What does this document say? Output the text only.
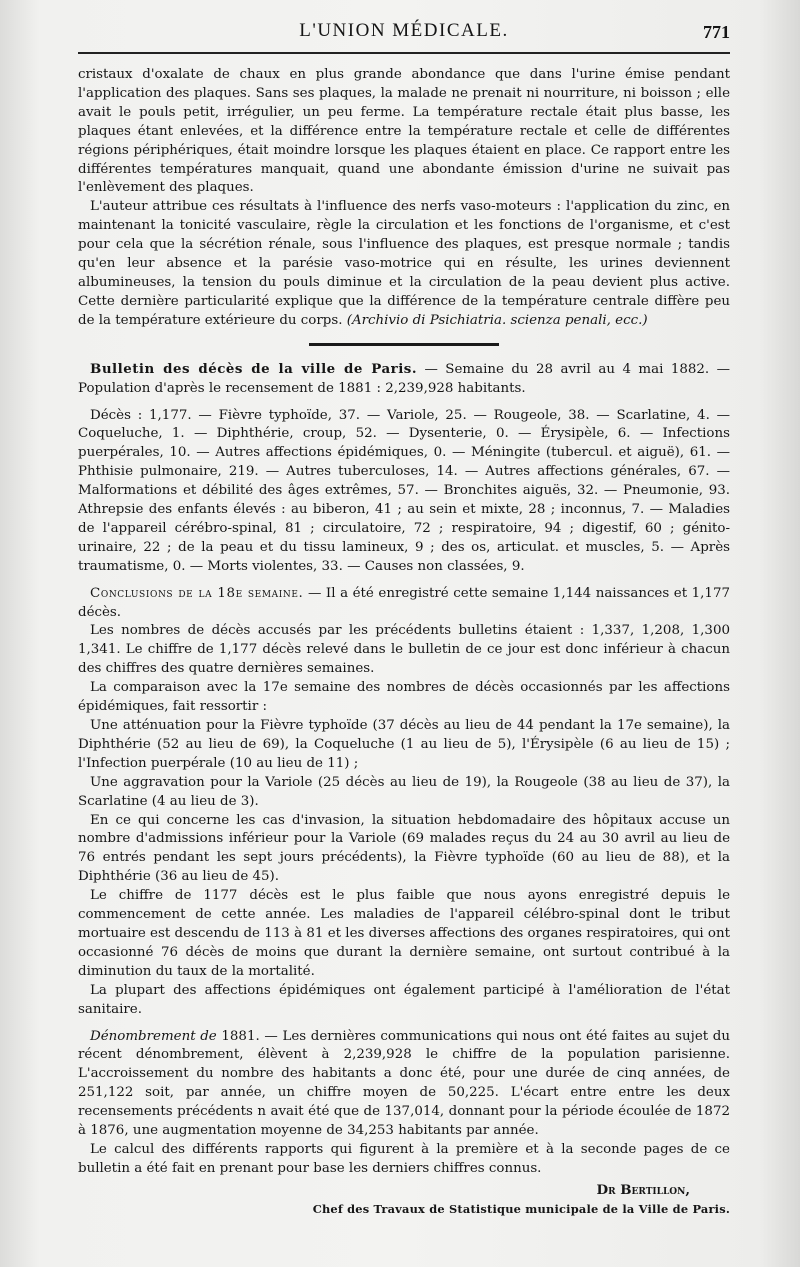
L'UNION MÉDICALE.	771

cristaux d'oxalate de chaux en plus grande abondance que dans l'urine émise pendant l'application des plaques. Sans ses plaques, la malade ne prenait ni nourriture, ni boisson ; elle avait le pouls petit, irrégulier, un peu ferme. La température rectale était plus basse, les plaques étant enlevées, et la différence entre la température rectale et celle de différentes régions périphériques, était moindre lorsque les plaques étaient en place. Ce rapport entre les différentes températures manquait, quand une abondante émission d'urine ne suivait pas l'enlèvement des plaques.

L'auteur attribue ces résultats à l'influence des nerfs vaso-moteurs : l'application du zinc, en maintenant la tonicité vasculaire, règle la circulation et les fonctions de l'organisme, et c'est pour cela que la sécrétion rénale, sous l'influence des plaques, est presque normale ; tandis qu'en leur absence et la parésie vaso-motrice qui en résulte, les urines deviennent albumineuses, la tension du pouls diminue et la circulation de la peau devient plus active. Cette dernière particularité explique que la différence de la température centrale diffère peu de la température extérieure du corps. (Archivio di Psichiatria. scienza penali, ecc.)

Bulletin des décès de la ville de Paris. — Semaine du 28 avril au 4 mai 1882. — Population d'après le recensement de 1881 : 2,239,928 habitants.

Décès : 1,177. — Fièvre typhoïde, 37. — Variole, 25. — Rougeole, 38. — Scarlatine, 4. — Coqueluche, 1. — Diphthérie, croup, 52. — Dysenterie, 0. — Érysipèle, 6. — Infections puerpérales, 10. — Autres affections épidémiques, 0. — Méningite (tubercul. et aiguë), 61. — Phthisie pulmonaire, 219. — Autres tuberculoses, 14. — Autres affections générales, 67. — Malformations et débilité des âges extrêmes, 57. — Bronchites aiguës, 32. — Pneumonie, 93. Athrepsie des enfants élevés : au biberon, 41 ; au sein et mixte, 28 ; inconnus, 7. — Maladies de l'appareil cérébro-spinal, 81 ; circulatoire, 72 ; respiratoire, 94 ; digestif, 60 ; génito-urinaire, 22 ; de la peau et du tissu lamineux, 9 ; des os, articulat. et muscles, 5. — Après traumatisme, 0. — Morts violentes, 33. — Causes non classées, 9.

Conclusions de la 18e semaine. — Il a été enregistré cette semaine 1,144 naissances et 1,177 décès.

Les nombres de décès accusés par les précédents bulletins étaient : 1,337, 1,208, 1,300 1,341. Le chiffre de 1,177 décès relevé dans le bulletin de ce jour est donc inférieur à chacun des chiffres des quatre dernières semaines.

La comparaison avec la 17e semaine des nombres de décès occasionnés par les affections épidémiques, fait ressortir :

Une atténuation pour la Fièvre typhoïde (37 décès au lieu de 44 pendant la 17e semaine), la Diphthérie (52 au lieu de 69), la Coqueluche (1 au lieu de 5), l'Érysipèle (6 au lieu de 15) ; l'Infection puerpérale (10 au lieu de 11) ;

Une aggravation pour la Variole (25 décès au lieu de 19), la Rougeole (38 au lieu de 37), la Scarlatine (4 au lieu de 3).

En ce qui concerne les cas d'invasion, la situation hebdomadaire des hôpitaux accuse un nombre d'admissions inférieur pour la Variole (69 malades reçus du 24 au 30 avril au lieu de 76 entrés pendant les sept jours précédents), la Fièvre typhoïde (60 au lieu de 88), et la Diphthérie (36 au lieu de 45).

Le chiffre de 1177 décès est le plus faible que nous ayons enregistré depuis le commencement de cette année. Les maladies de l'appareil célébro-spinal dont le tribut mortuaire est descendu de 113 à 81 et les diverses affections des organes respiratoires, qui ont occasionné 76 décès de moins que durant la dernière semaine, ont surtout contribué à la diminution du taux de la mortalité.

La plupart des affections épidémiques ont également participé à l'amélioration de l'état sanitaire.

Dénombrement de 1881. — Les dernières communications qui nous ont été faites au sujet du récent dénombrement, élèvent à 2,239,928 le chiffre de la population parisienne. L'accroissement du nombre des habitants a donc été, pour une durée de cinq années, de 251,122 soit, par année, un chiffre moyen de 50,225. L'écart entre entre les deux recensements précédents n avait été que de 137,014, donnant pour la période écoulée de 1872 à 1876, une augmentation moyenne de 34,253 habitants par année.

Le calcul des différents rapports qui figurent à la première et à la seconde pages de ce bulletin a été fait en prenant pour base les derniers chiffres connus.

Dr Bertillon,
Chef des Travaux de Statistique municipale de la Ville de Paris.
